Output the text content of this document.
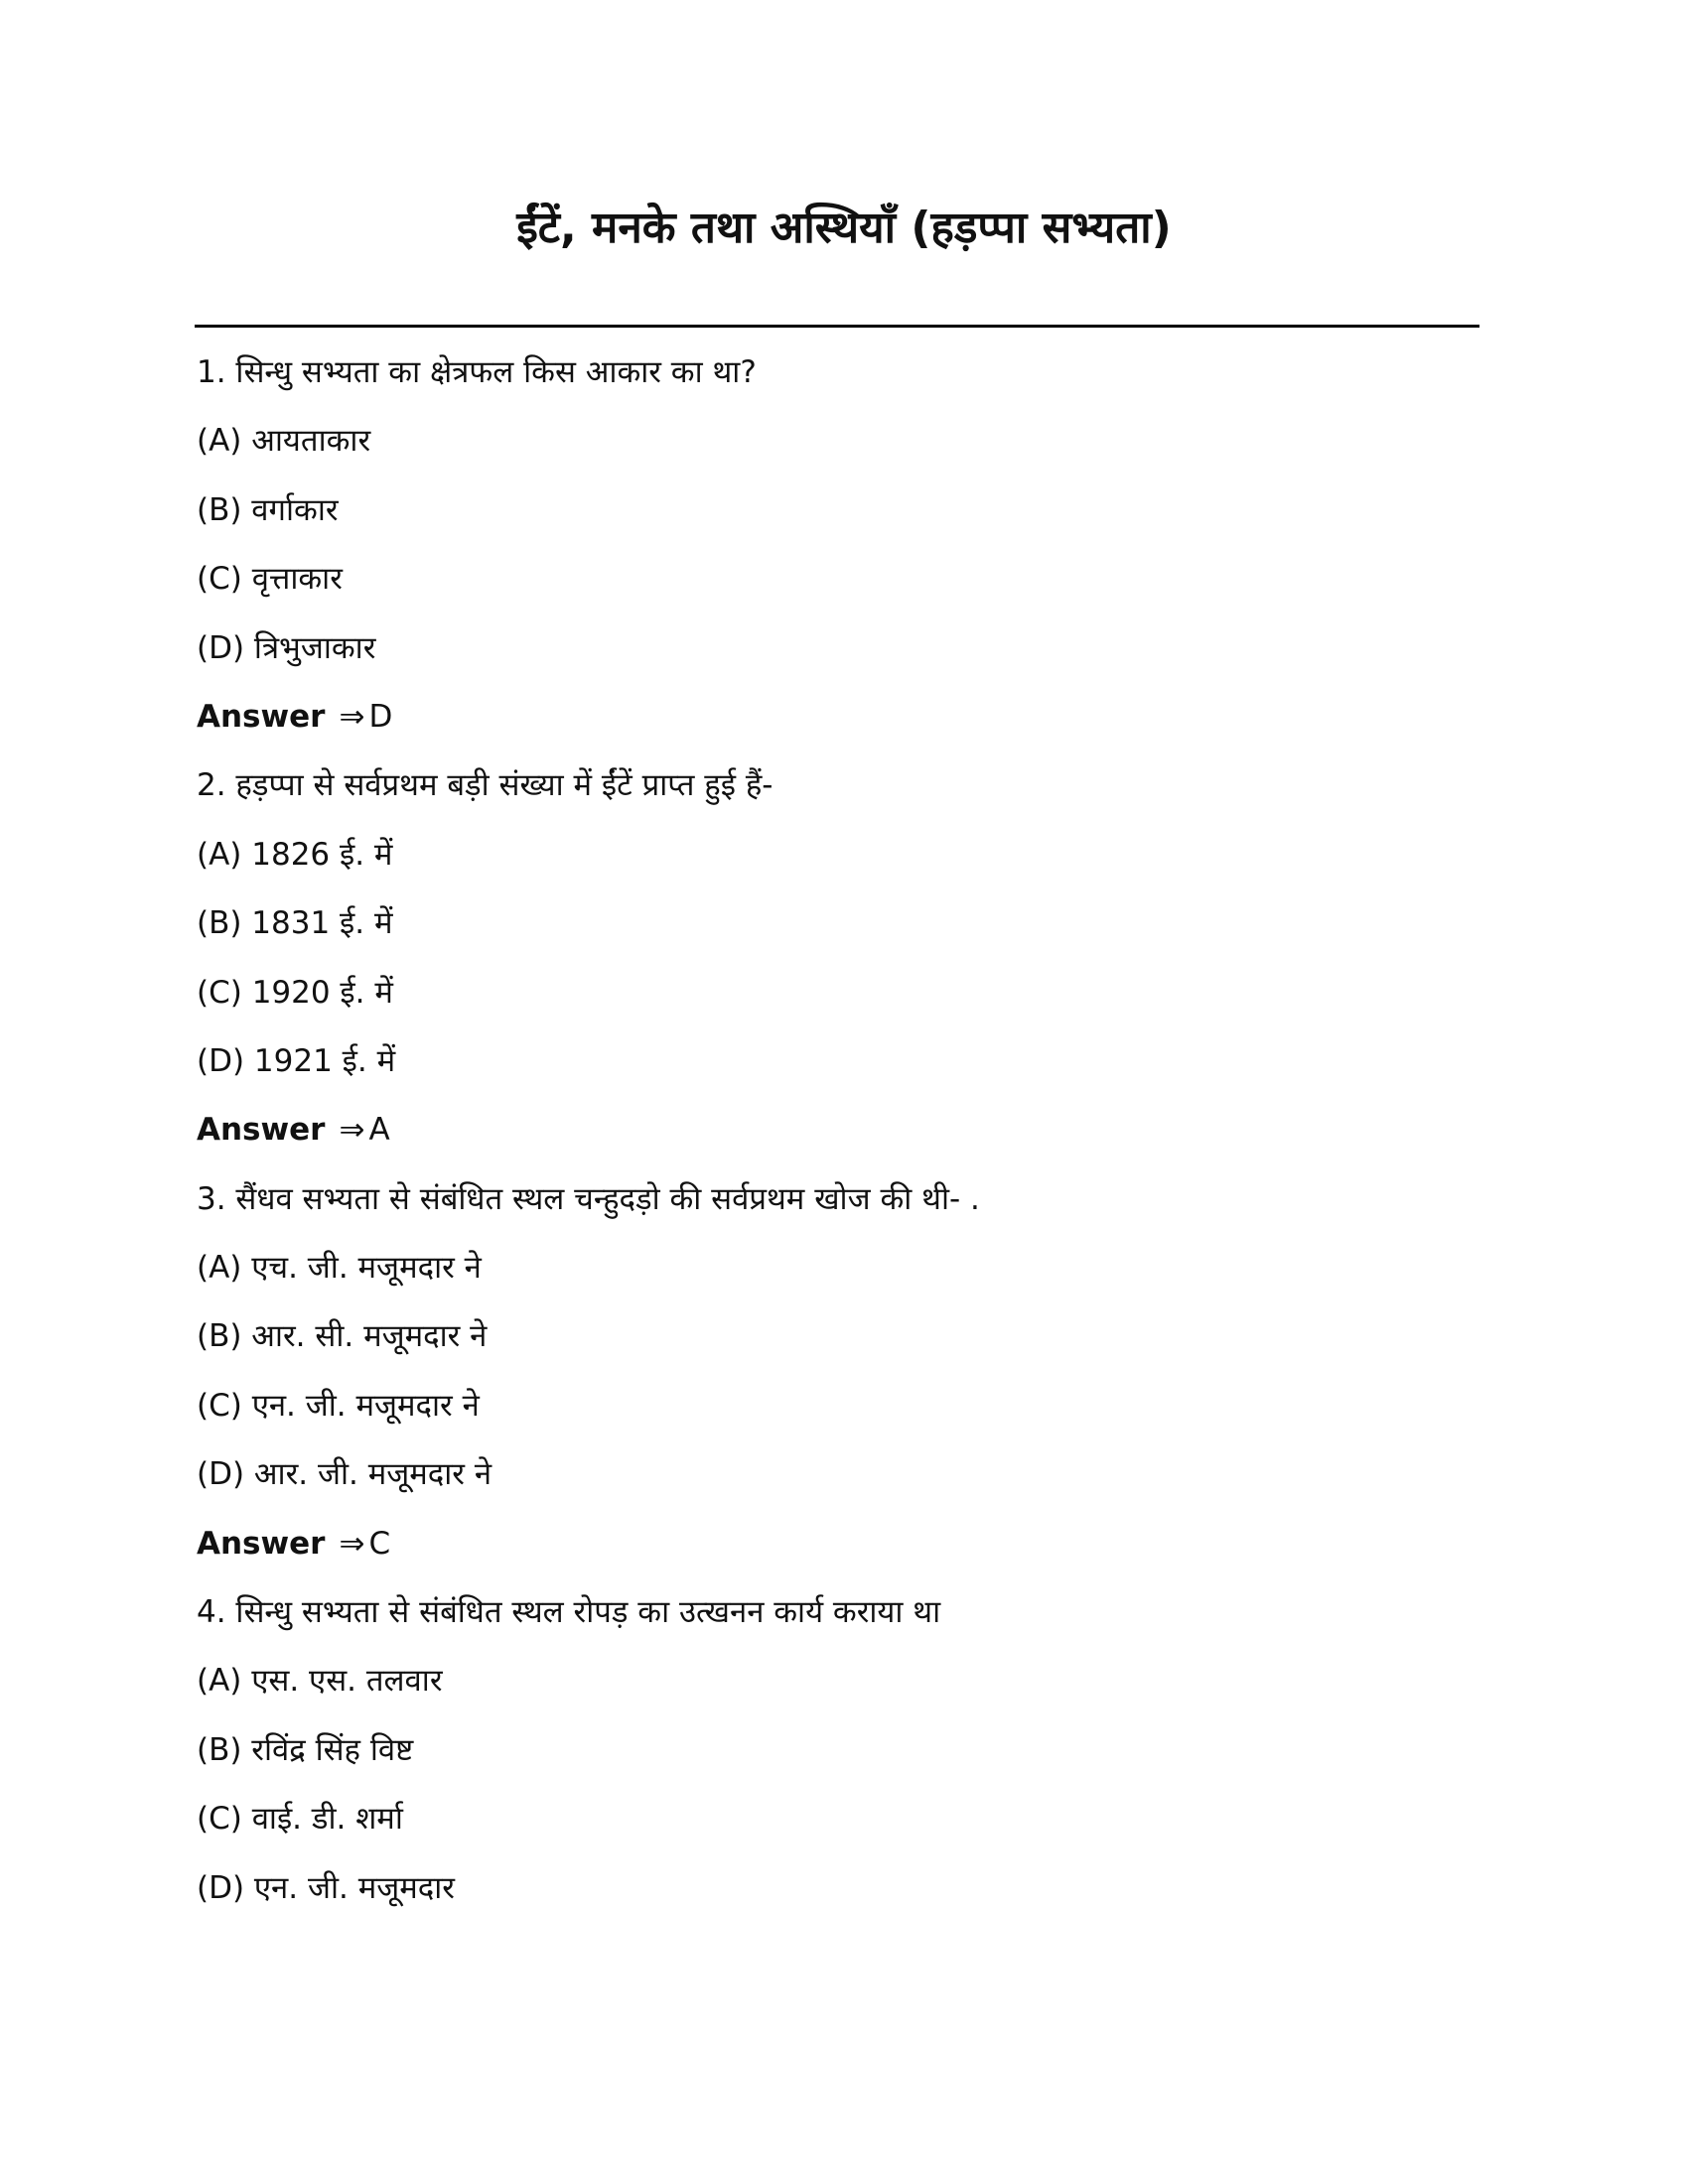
ईंटें, मनके तथा अस्थियाँ (हड़प्पा सभ्यता)
1. सिन्धु सभ्यता का क्षेत्रफल किस आकार का था?
(A) आयताकार
(B) वर्गाकार
(C) वृत्ताकार
(D) त्रिभुजाकार
Answer ⇒ D
2. हड़प्पा से सर्वप्रथम बड़ी संख्या में ईंटें प्राप्त हुई हैं-
(A) 1826 ई. में
(B) 1831 ई. में
(C) 1920 ई. में
(D) 1921 ई. में
Answer ⇒ A
3. सैंधव सभ्यता से संबंधित स्थल चन्हुदड़ो की सर्वप्रथम खोज की थी- .
(A) एच. जी. मजूमदार ने
(B) आर. सी. मजूमदार ने
(C) एन. जी. मजूमदार ने
(D) आर. जी. मजूमदार ने
Answer ⇒ C
4. सिन्धु सभ्यता से संबंधित स्थल रोपड़ का उत्खनन कार्य कराया था
(A) एस. एस. तलवार
(B) रविंद्र सिंह विष्ट
(C) वाई. डी. शर्मा
(D) एन. जी. मजूमदार
